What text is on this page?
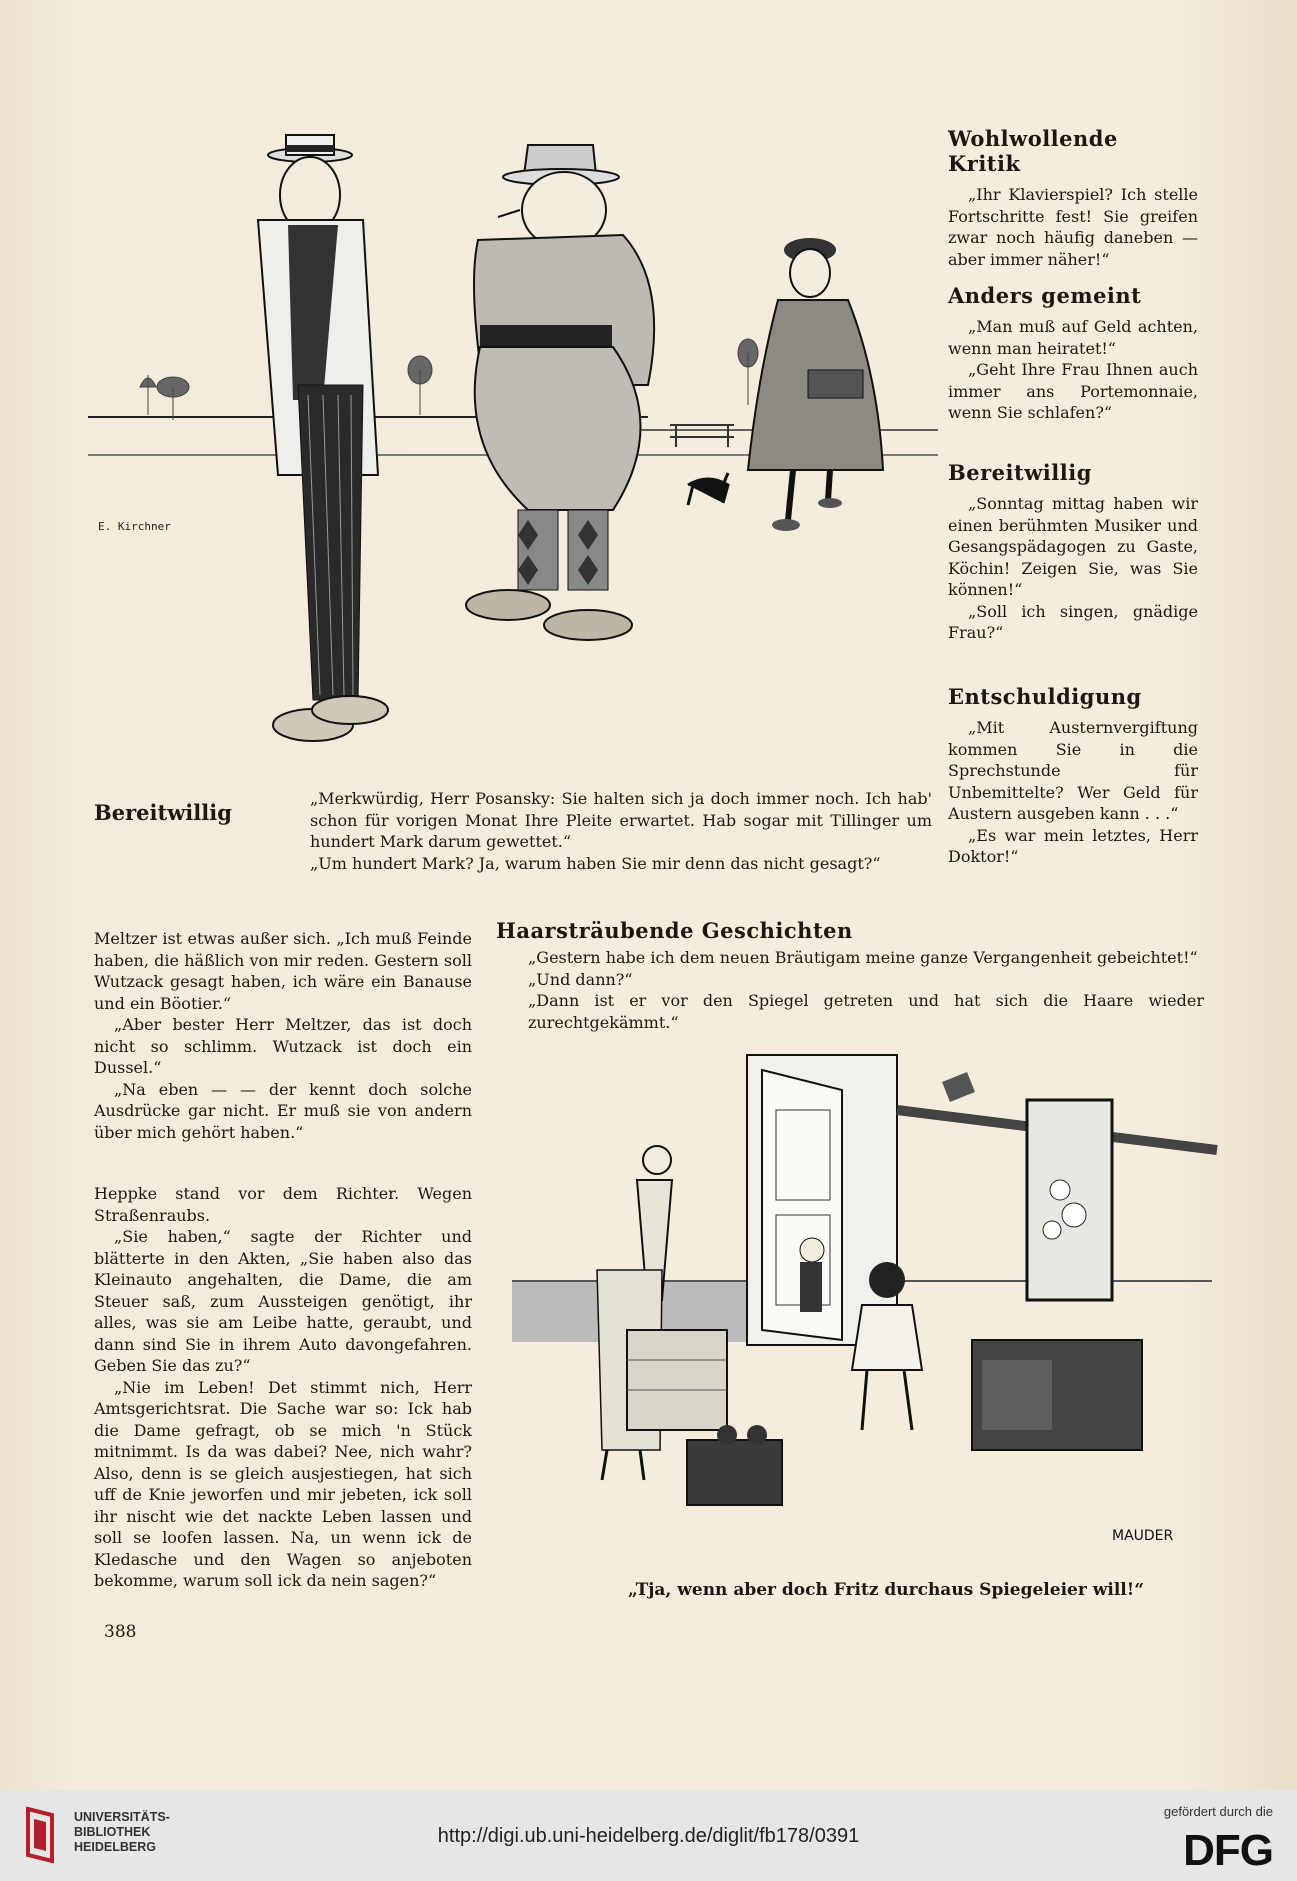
E. Kirchner
Wohlwollende Kritik

„Ihr Klavierspiel? Ich stelle Fortschritte fest! Sie greifen zwar noch häufig daneben — aber immer näher!“

Anders gemeint

„Man muß auf Geld achten, wenn man heiratet!“

„Geht Ihre Frau Ihnen auch immer ans Portemonnaie, wenn Sie schlafen?“

Bereitwillig

„Sonntag mittag haben wir einen berühmten Musiker und Gesangspädagogen zu Gaste, Köchin! Zeigen Sie, was Sie können!“

„Soll ich singen, gnädige Frau?“

Entschuldigung

„Mit Austernvergiftung kommen Sie in die Sprechstunde für Unbemittelte? Wer Geld für Austern ausgeben kann . . .“

„Es war mein letztes, Herr Doktor!“

Bereitwillig

„Merkwürdig, Herr Posansky: Sie halten sich ja doch immer noch. Ich hab' schon für vorigen Monat Ihre Pleite erwartet. Hab sogar mit Tillinger um hundert Mark darum gewettet.“

„Um hundert Mark? Ja, warum haben Sie mir denn das nicht gesagt?“

Meltzer ist etwas außer sich. „Ich muß Feinde haben, die häßlich von mir reden. Gestern soll Wutzack gesagt haben, ich wäre ein Banause und ein Böotier.“

„Aber bester Herr Meltzer, das ist doch nicht so schlimm. Wutzack ist doch ein Dussel.“

„Na eben — — der kennt doch solche Ausdrücke gar nicht. Er muß sie von andern über mich gehört haben.“

Heppke stand vor dem Richter. Wegen Straßenraubs.

„Sie haben,“ sagte der Richter und blätterte in den Akten, „Sie haben also das Kleinauto angehalten, die Dame, die am Steuer saß, zum Aussteigen genötigt, ihr alles, was sie am Leibe hatte, geraubt, und dann sind Sie in ihrem Auto davongefahren. Geben Sie das zu?“

„Nie im Leben! Det stimmt nich, Herr Amtsgerichtsrat. Die Sache war so: Ick hab die Dame gefragt, ob se mich 'n Stück mitnimmt. Is da was dabei? Nee, nich wahr? Also, denn is se gleich ausjestiegen, hat sich uff de Knie jeworfen und mir jebeten, ick soll ihr nischt wie det nackte Leben lassen und soll se loofen lassen. Na, un wenn ick de Kledasche und den Wagen so anjeboten bekomme, warum soll ick da nein sagen?“

Haarsträubende Geschichten

„Gestern habe ich dem neuen Bräutigam meine ganze Vergangenheit gebeichtet!“

„Und dann?“

„Dann ist er vor den Spiegel getreten und hat sich die Haare wieder zurechtgekämmt.“

MAUDER
„Tja, wenn aber doch Fritz durchaus Spiegeleier will!“
388
UNIVERSITÄTS-
BIBLIOTHEK
HEIDELBERG	http://digi.ub.uni-heidelberg.de/diglit/fb178/0391
gefördert durch die
DFG
